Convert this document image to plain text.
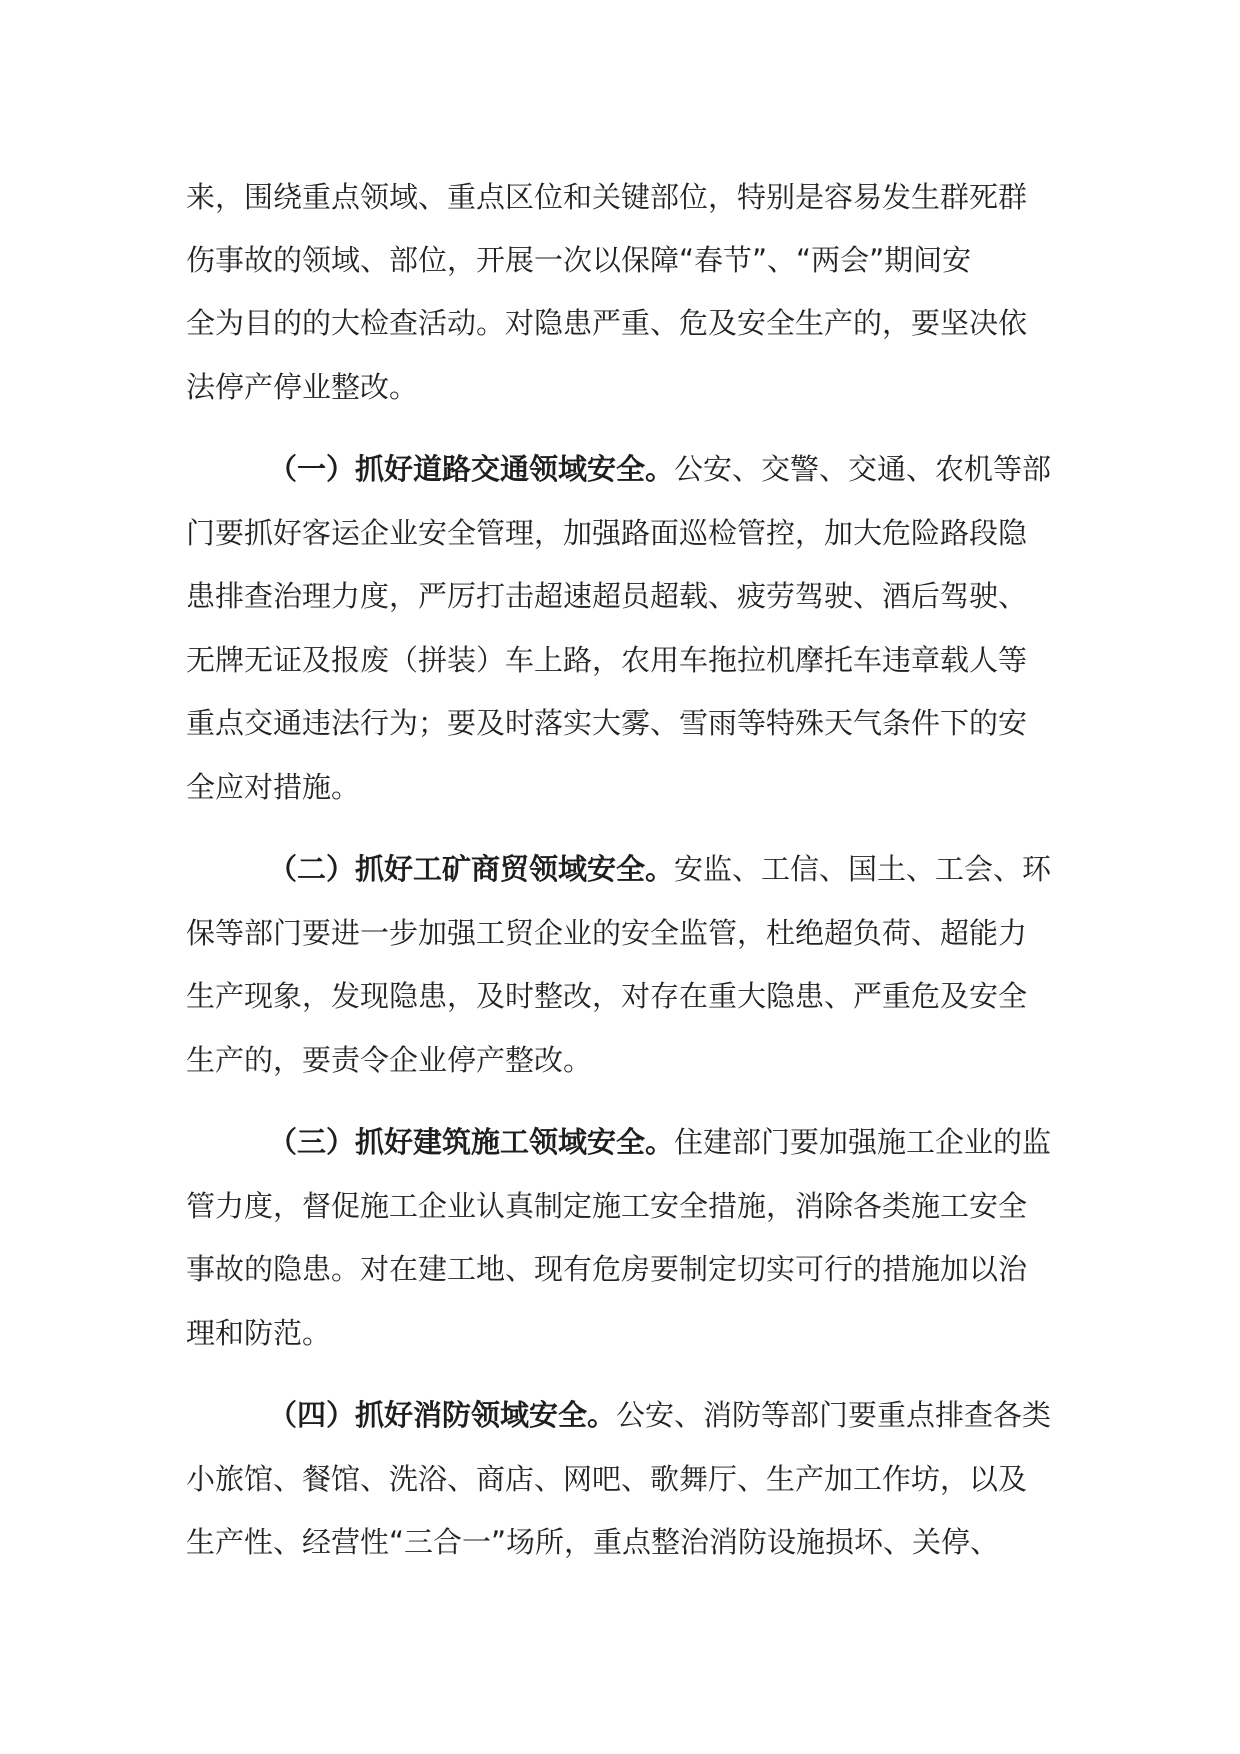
来，围绕重点领域、重点区位和关键部位，特别是容易发生群死群
伤事故的领域、部位，开展一次以保障“春节”、“两会”期间安
全为目的的大检查活动。对隐患严重、危及安全生产的，要坚决依
法停产停业整改。
（一）抓好道路交通领域安全。公安、交警、交通、农机等部
门要抓好客运企业安全管理，加强路面巡检管控，加大危险路段隐
患排查治理力度，严厉打击超速超员超载、疲劳驾驶、酒后驾驶、
无牌无证及报废（拼装）车上路，农用车拖拉机摩托车违章载人等
重点交通违法行为；要及时落实大雾、雪雨等特殊天气条件下的安
全应对措施。
（二）抓好工矿商贸领域安全。安监、工信、国土、工会、环
保等部门要进一步加强工贸企业的安全监管，杜绝超负荷、超能力
生产现象，发现隐患，及时整改，对存在重大隐患、严重危及安全
生产的，要责令企业停产整改。
（三）抓好建筑施工领域安全。住建部门要加强施工企业的监
管力度，督促施工企业认真制定施工安全措施，消除各类施工安全
事故的隐患。对在建工地、现有危房要制定切实可行的措施加以治
理和防范。
（四）抓好消防领域安全。公安、消防等部门要重点排查各类
小旅馆、餐馆、洗浴、商店、网吧、歌舞厅、生产加工作坊，以及
生产性、经营性“三合一”场所，重点整治消防设施损坏、关停、
